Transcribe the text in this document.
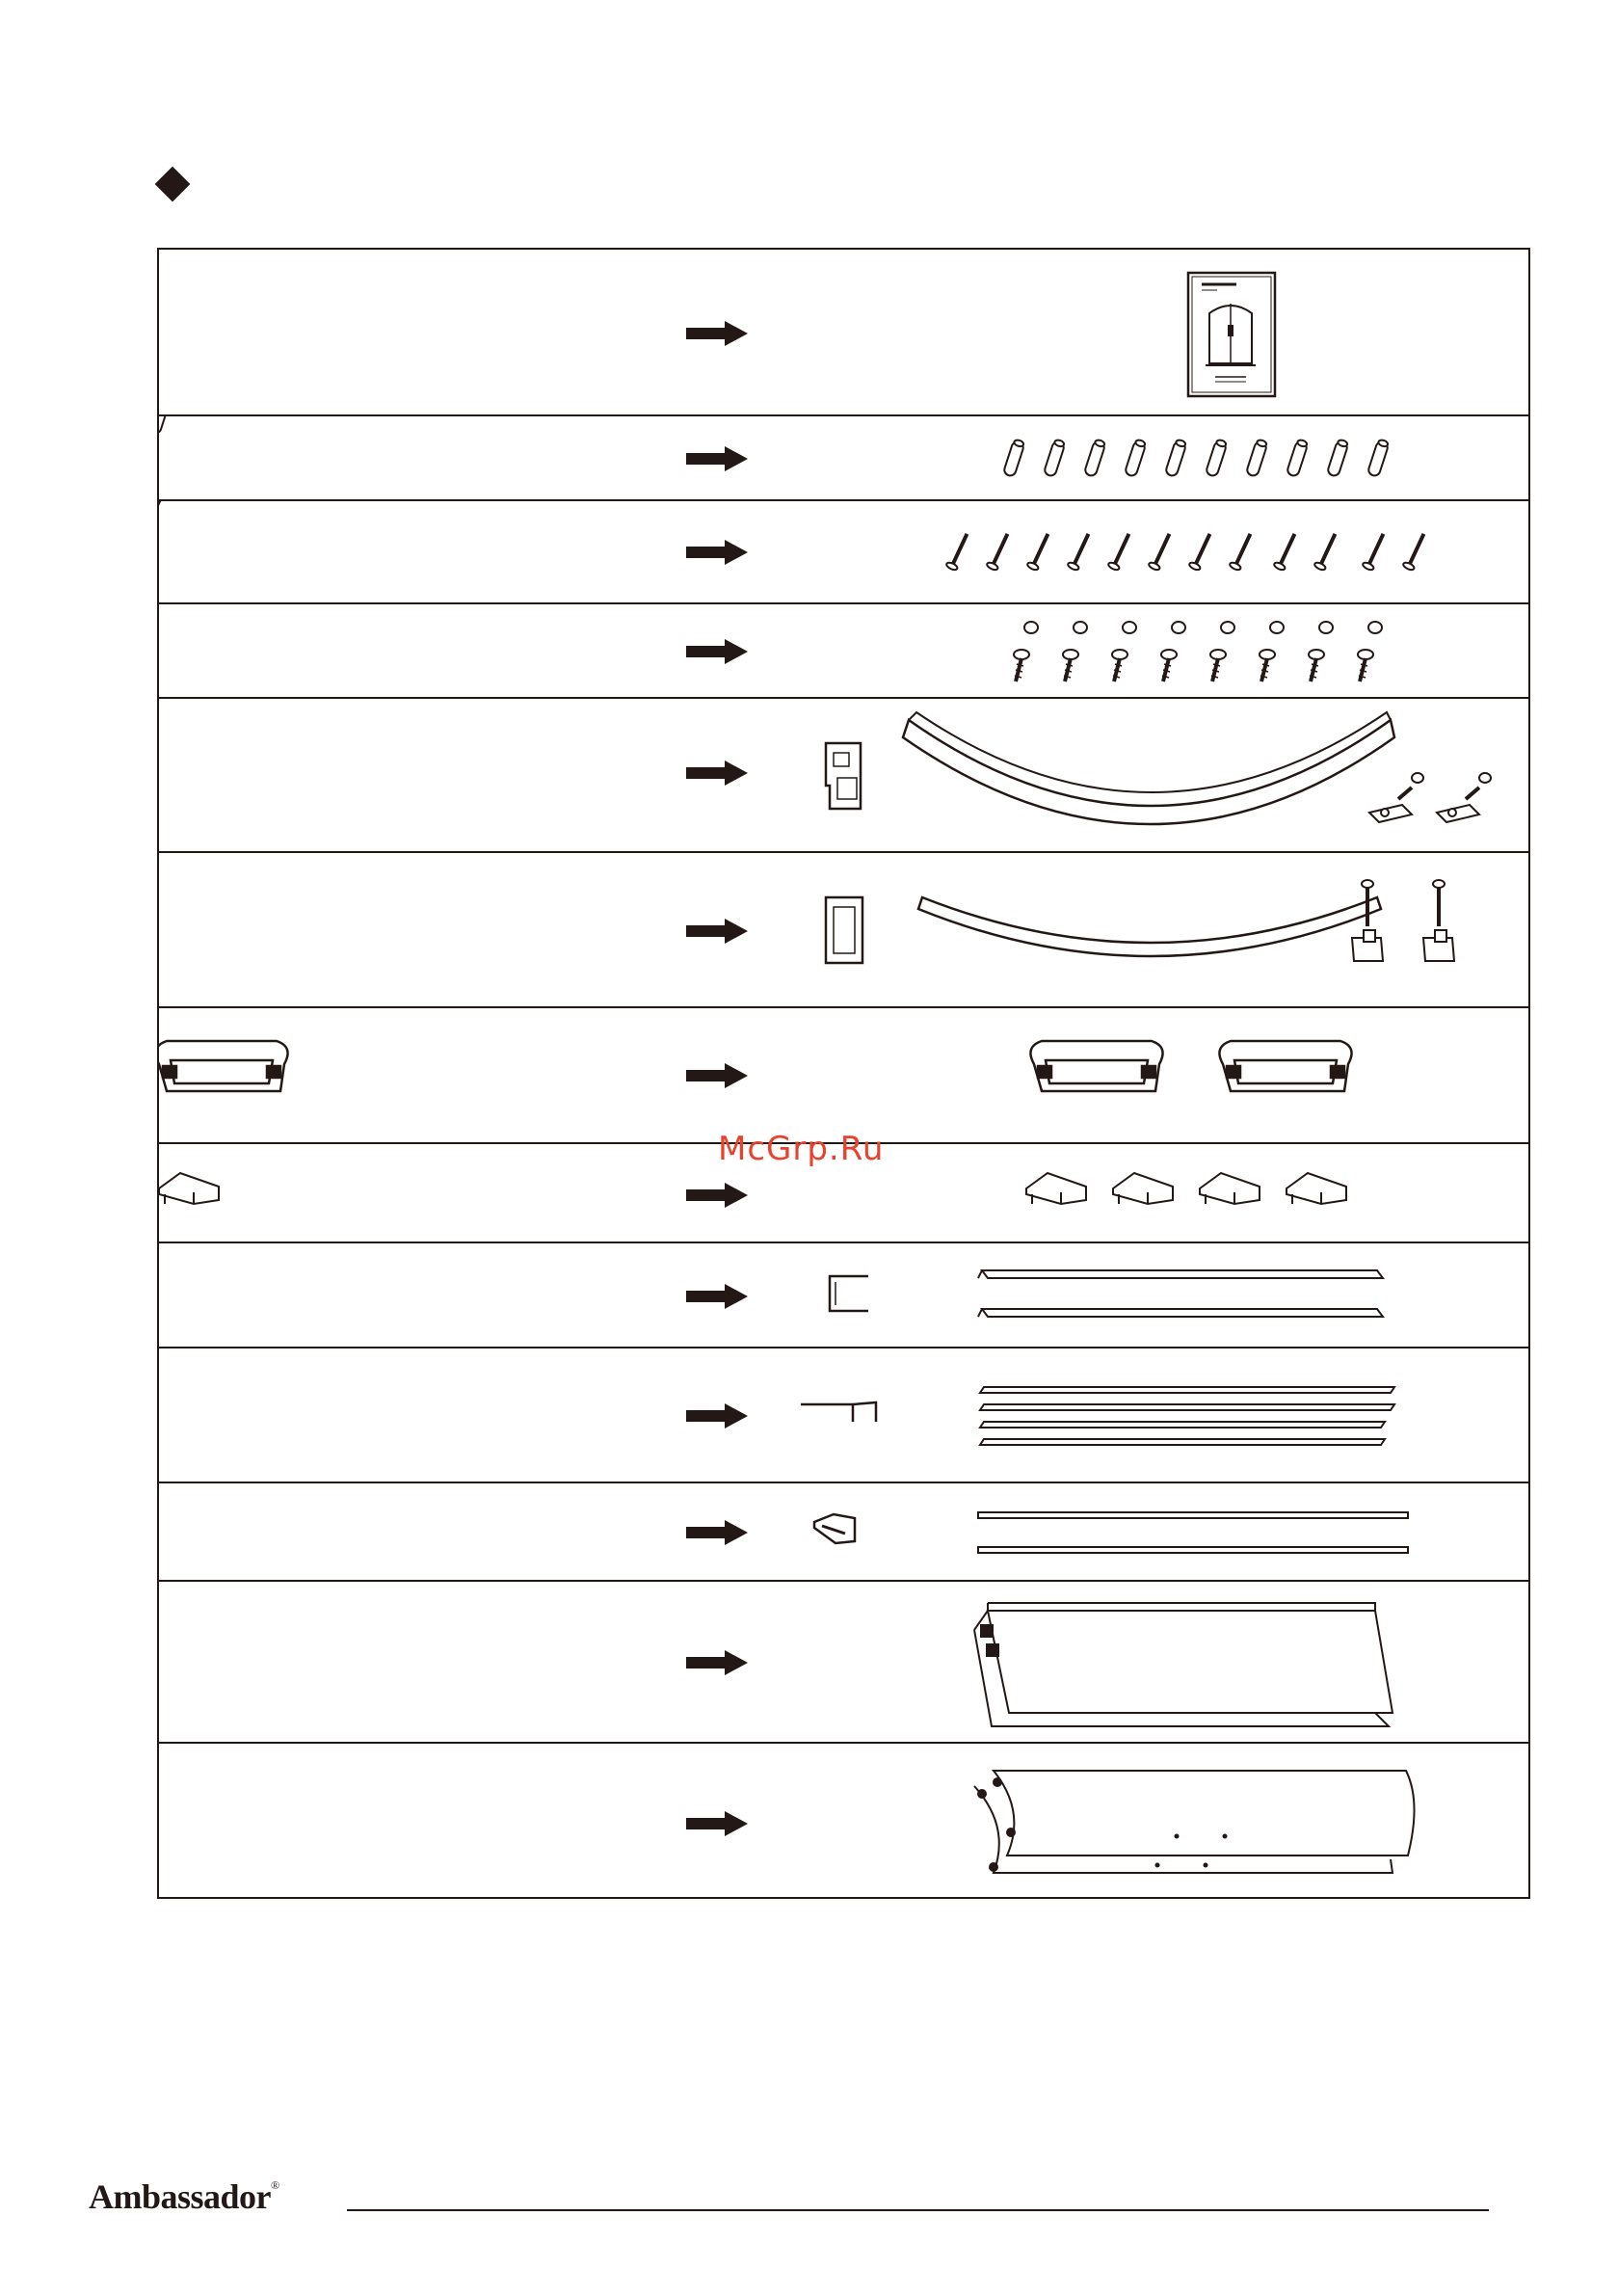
McGrp.Ru
Ambassador®
